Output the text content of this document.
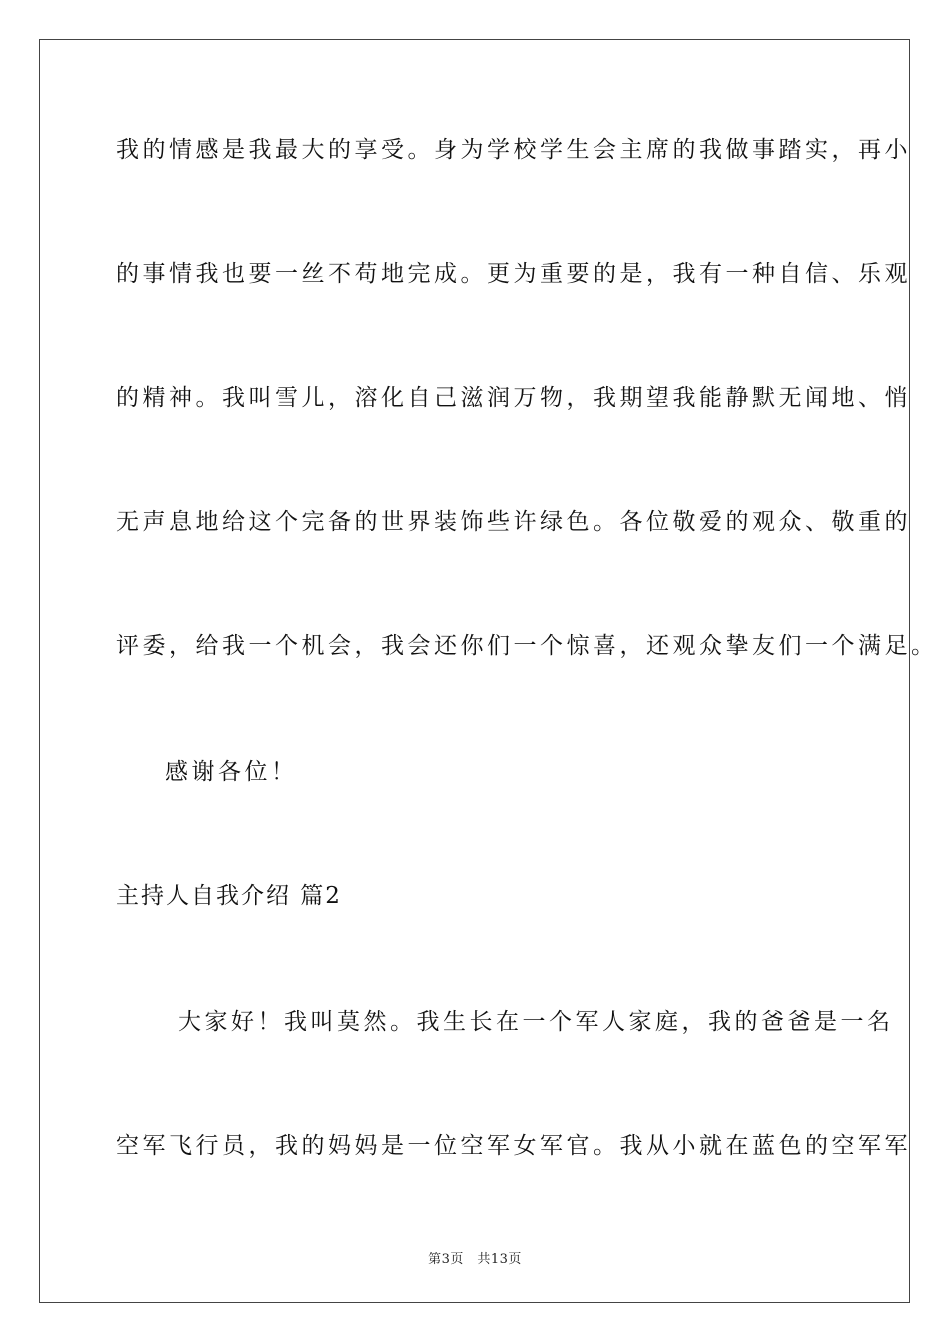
我的情感是我最大的享受。身为学校学生会主席的我做事踏实，再小
的事情我也要一丝不苟地完成。更为重要的是，我有一种自信、乐观
的精神。我叫雪儿，溶化自己滋润万物，我期望我能静默无闻地、悄
无声息地给这个完备的世界装饰些许绿色。各位敬爱的观众、敬重的
评委，给我一个机会，我会还你们一个惊喜，还观众挚友们一个满足。
感谢各位！
主持人自我介绍 篇2
大家好！我叫莫然。我生长在一个军人家庭，我的爸爸是一名
空军飞行员，我的妈妈是一位空军女军官。我从小就在蓝色的空军军
第3页　共13页
